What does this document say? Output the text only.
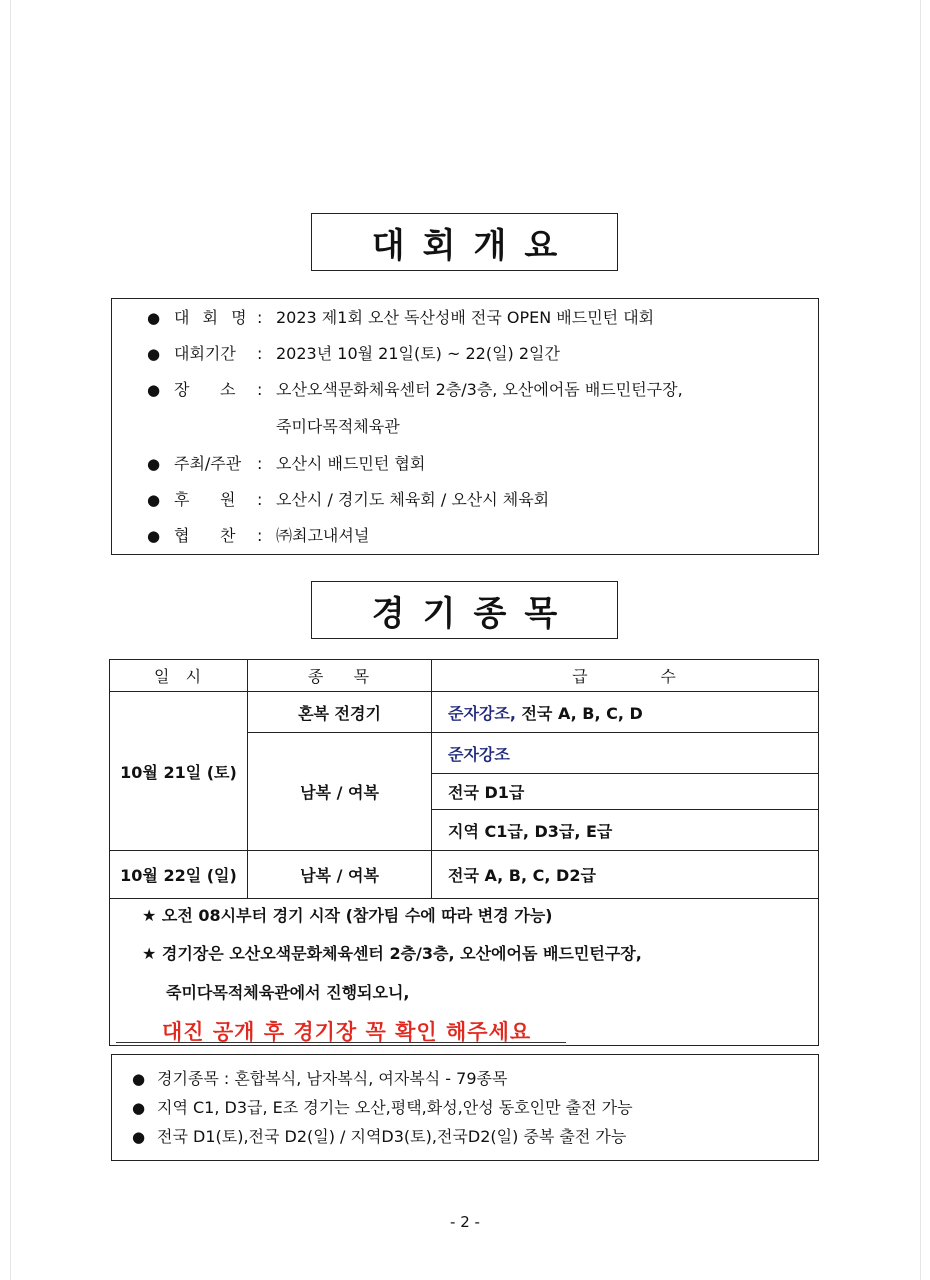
대회개요
● 대 회 명 : 2023 제1회 오산 독산성배 전국 OPEN 배드민턴 대회
● 대회기간 : 2023년 10월 21일(토) ~ 22(일) 2일간
● 장      소 : 오산오색문화체육센터 2층/3층, 오산에어돔 배드민턴구장,
죽미다목적체육관
● 주최/주관 : 오산시 배드민턴 협회
● 후      원 : 오산시 / 경기도 체육회 / 오산시 체육회
● 협      찬 : ㈜최고내셔널
경기종목
일  시	종    목	급          수
10월 21일 (토)	혼복 전경기	준자강조, 전국 A, B, C, D
	남복 / 여복	준자강조
		전국 D1급
		지역 C1급, D3급, E급
10월 22일 (일)	남복 / 여복	전국 A, B, C, D2급

★ 오전 08시부터 경기 시작 (참가팀 수에 따라 변경 가능)
★ 경기장은 오산오색문화체육센터 2층/3층, 오산에어돔 배드민턴구장,
죽미다목적체육관에서 진행되오니,
대진 공개 후 경기장 꼭 확인 해주세요		
● 경기종목 : 혼합복식, 남자복식, 여자복식 - 79종목
● 지역 C1, D3급, E조 경기는 오산,평택,화성,안성 동호인만 출전 가능
● 전국 D1(토),전국 D2(일) / 지역D3(토),전국D2(일) 중복 출전 가능
- 2 -
